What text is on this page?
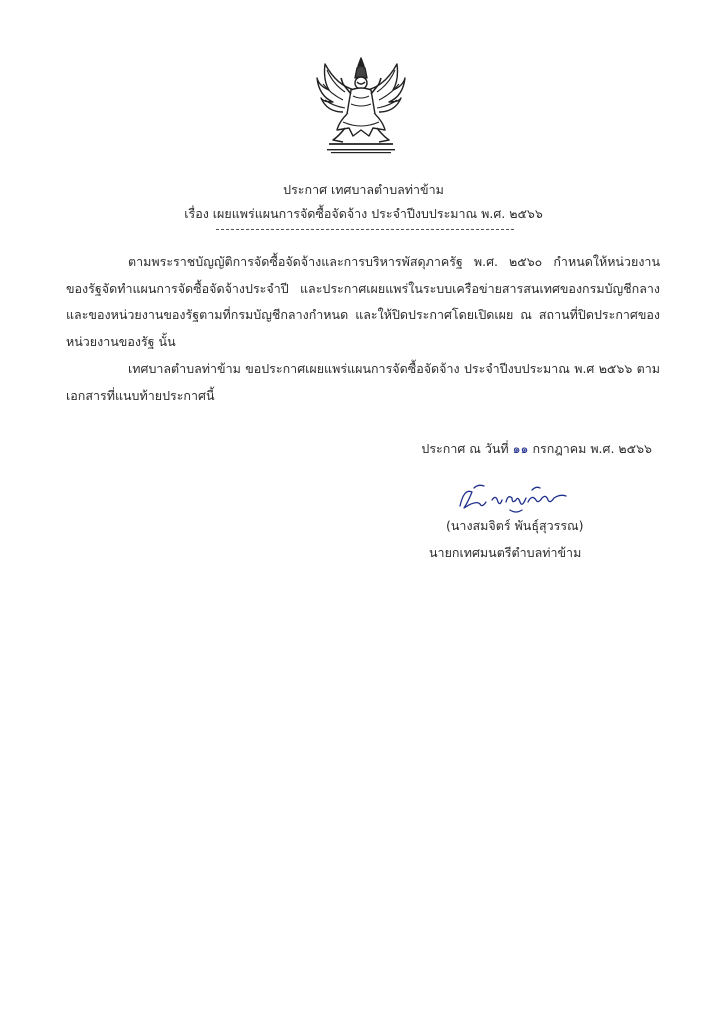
ประกาศ เทศบาลตำบลท่าข้าม
เรื่อง เผยแพร่แผนการจัดซื้อจัดจ้าง ประจำปีงบประมาณ พ.ศ. ๒๕๖๖
ตามพระราชบัญญัติการจัดซื้อจัดจ้างและการบริหารพัสดุภาครัฐ พ.ศ. ๒๕๖๐ กำหนดให้หน่วยงานของรัฐจัดทำแผนการจัดซื้อจัดจ้างประจำปี และประกาศเผยแพร่ในระบบเครือข่ายสารสนเทศของกรมบัญชีกลางและของหน่วยงานของรัฐตามที่กรมบัญชีกลางกำหนด และให้ปิดประกาศโดยเปิดเผย ณ สถานที่ปิดประกาศของหน่วยงานของรัฐ นั้น
เทศบาลตำบลท่าข้าม ขอประกาศเผยแพร่แผนการจัดซื้อจัดจ้าง ประจำปีงบประมาณ พ.ศ ๒๕๖๖ ตามเอกสารที่แนบท้ายประกาศนี้
ประกาศ ณ วันที่ ๑๑ กรกฎาคม พ.ศ. ๒๕๖๖
(นางสมจิตร์ พันธุ์สุวรรณ)
นายกเทศมนตรีตำบลท่าข้าม
